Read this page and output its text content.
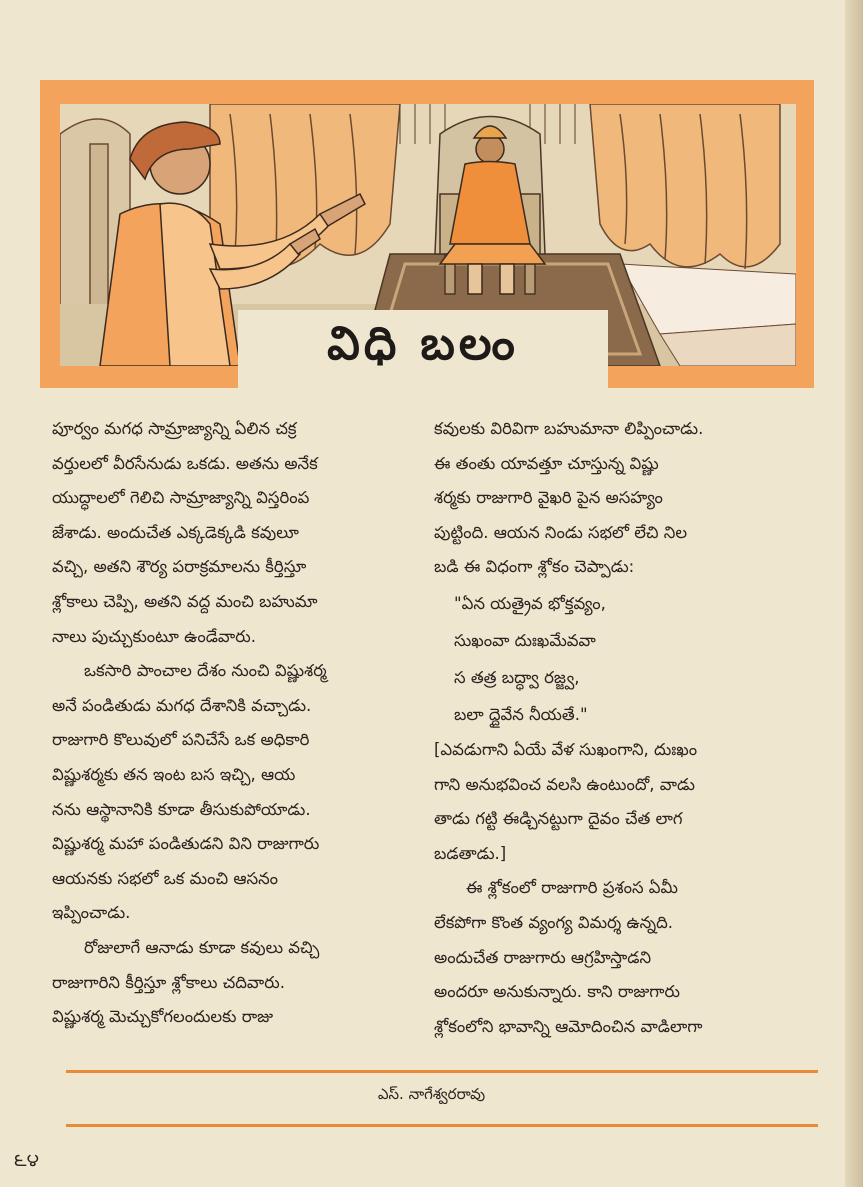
విధి బలం

పూర్వం మగధ సామ్రాజ్యాన్ని ఏలిన చక్ర

వర్తులలో వీరసేనుడు ఒకడు. అతను అనేక

యుద్ధాలలో గెలిచి సామ్రాజ్యాన్ని విస్తరింప

జేశాడు. అందుచేత ఎక్కడెక్కడి కవులూ

వచ్చి, అతని శౌర్య పరాక్రమాలను కీర్తిస్తూ

శ్లోకాలు చెప్పి, అతని వద్ద మంచి బహుమా

నాలు పుచ్చుకుంటూ ఉండేవారు.

ఒకసారి పాంచాల దేశం నుంచి విష్ణుశర్మ

అనే పండితుడు మగధ దేశానికి వచ్చాడు.

రాజుగారి కొలువులో పనిచేసే ఒక అధికారి

విష్ణుశర్మకు తన ఇంట బస ఇచ్చి, ఆయ

నను ఆస్థానానికి కూడా తీసుకుపోయాడు.

విష్ణుశర్మ మహా పండితుడని విని రాజుగారు

ఆయనకు సభలో ఒక మంచి ఆసనం

ఇప్పించాడు.

రోజులాగే ఆనాడు కూడా కవులు వచ్చి

రాజుగారిని కీర్తిస్తూ శ్లోకాలు చదివారు.

విష్ణుశర్మ మెచ్చుకోగలందులకు రాజు

కవులకు విరివిగా బహుమానా లిప్పించాడు.

ఈ తంతు యావత్తూ చూస్తున్న విష్ణు

శర్మకు రాజుగారి వైఖరి పైన అసహ్యం

పుట్టింది. ఆయన నిండు సభలో లేచి నిల

బడి ఈ విధంగా శ్లోకం చెప్పాడు:

"ఏన యత్రైవ భోక్తవ్యం,
సుఖంవా దుఃఖమేవవా
స తత్ర బద్ధ్వా రజ్జ్వ,
బలా ద్దైవేన నీయతే."

[ఎవడుగాని ఏయే వేళ సుఖంగాని, దుఃఖం

గాని అనుభవించ వలసి ఉంటుందో, వాడు

తాడు గట్టి ఈడ్చినట్టుగా దైవం చేత లాగ

బడతాడు.]

ఈ శ్లోకంలో రాజుగారి ప్రశంస ఏమీ

లేకపోగా కొంత వ్యంగ్య విమర్శ ఉన్నది.

అందుచేత రాజుగారు ఆగ్రహిస్తాడని

అందరూ అనుకున్నారు. కాని రాజుగారు

శ్లోకంలోని భావాన్ని ఆమోదించిన వాడిలాగా

ఎస్. నాగేశ్వరరావు
౬౪
